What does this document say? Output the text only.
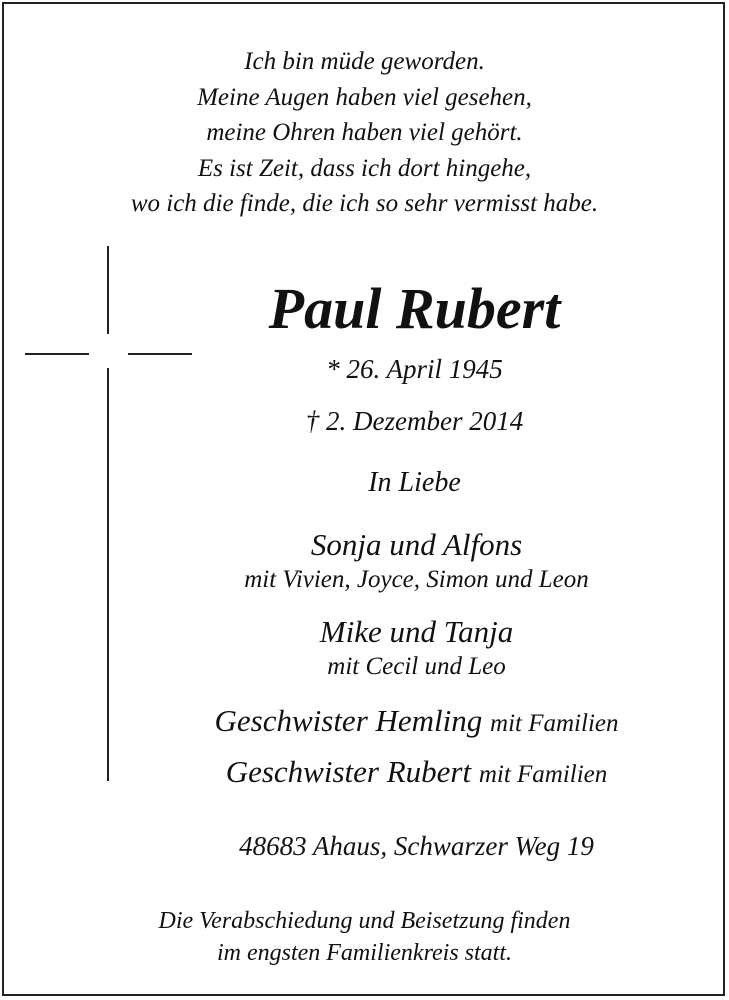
Ich bin müde geworden.
Meine Augen haben viel gesehen,
meine Ohren haben viel gehört.
Es ist Zeit, dass ich dort hingehe,
wo ich die finde, die ich so sehr vermisst habe.
Paul Rubert
* 26. April 1945
† 2. Dezember 2014
In Liebe
Sonja und Alfons
mit Vivien, Joyce, Simon und Leon
Mike und Tanja
mit Cecil und Leo
Geschwister Hemling mit Familien
Geschwister Rubert mit Familien
48683 Ahaus, Schwarzer Weg 19
Die Verabschiedung und Beisetzung finden
im engsten Familienkreis statt.
